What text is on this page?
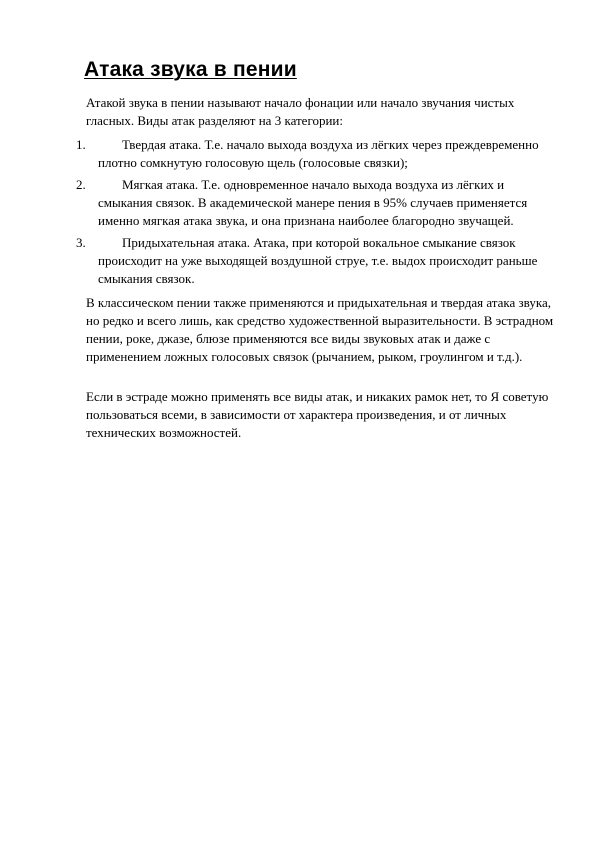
Атака звука в пении

Атакой звука в пении называют начало фонации или начало звучания чистых гласных. Виды атак разделяют на 3 категории:

1.	Твердая атака. Т.е. начало выхода воздуха из лёгких через преждевременно плотно сомкнутую голосовую щель (голосовые связки);
2.	Мягкая атака. Т.е. одновременное начало выхода воздуха из лёгких и смыкания связок. В академической манере пения в 95% случаев применяется именно мягкая атака звука, и она признана наиболее благородно звучащей.
3.	Придыхательная атака. Атака, при которой вокальное смыкание связок происходит на уже выходящей воздушной струе, т.е. выдох происходит раньше смыкания связок.

В классическом пении также применяются и придыхательная и твердая атака звука, но редко и всего лишь, как средство художественной выразительности. В эстрадном пении, роке, джазе, блюзе применяются все виды звуковых атак и даже с применением ложных голосовых связок (рычанием, рыком, гроулингом и т.д.).

Если в эстраде можно применять все виды атак, и никаких рамок нет, то Я советую пользоваться всеми, в зависимости от характера произведения, и от личных технических возможностей.
